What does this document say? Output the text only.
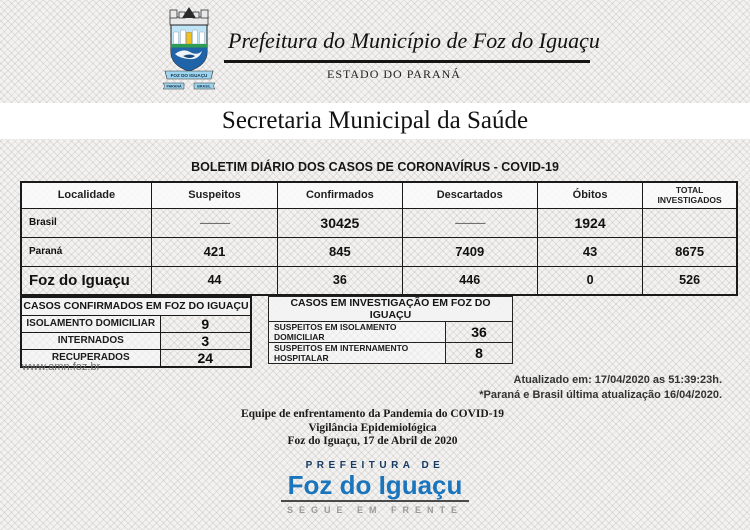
FOZ DO IGUAÇU
PARANÁ	BRASIL
Prefeitura do Município de Foz do Iguaçu
ESTADO DO PARANÁ
Secretaria Municipal da Saúde
BOLETIM DIÁRIO DOS CASOS DE CORONAVÍRUS - COVID-19
Localidade	Suspeitos	Confirmados	Descartados	Óbitos	TOTAL INVESTIGADOS
Brasil	---------------	30425	---------------	1924	
Paraná	421	845	7409	43	8675
Foz do Iguaçu	44	36	446	0	526
CASOS CONFIRMADOS EM FOZ DO IGUAÇU	
ISOLAMENTO DOMICILIAR	9
INTERNADOS	3
RECUPERADOS	24
CASOS EM INVESTIGAÇÃO EM FOZ DO IGUAÇU	
SUSPEITOS EM ISOLAMENTO DOMICILIAR	36
SUSPEITOS EM INTERNAMENTO HOSPITALAR	8
www.amn.foz.br
Atualizado em: 17/04/2020 as 51:39:23h.
*Paraná e Brasil última atualização 16/04/2020.
Equipe de enfrentamento da Pandemia do COVID-19
Vigilância Epidemiológica
Foz do Iguaçu, 17 de Abril de 2020
PREFEITURA DE
Foz do Iguaçu
SEGUE EM FRENTE
